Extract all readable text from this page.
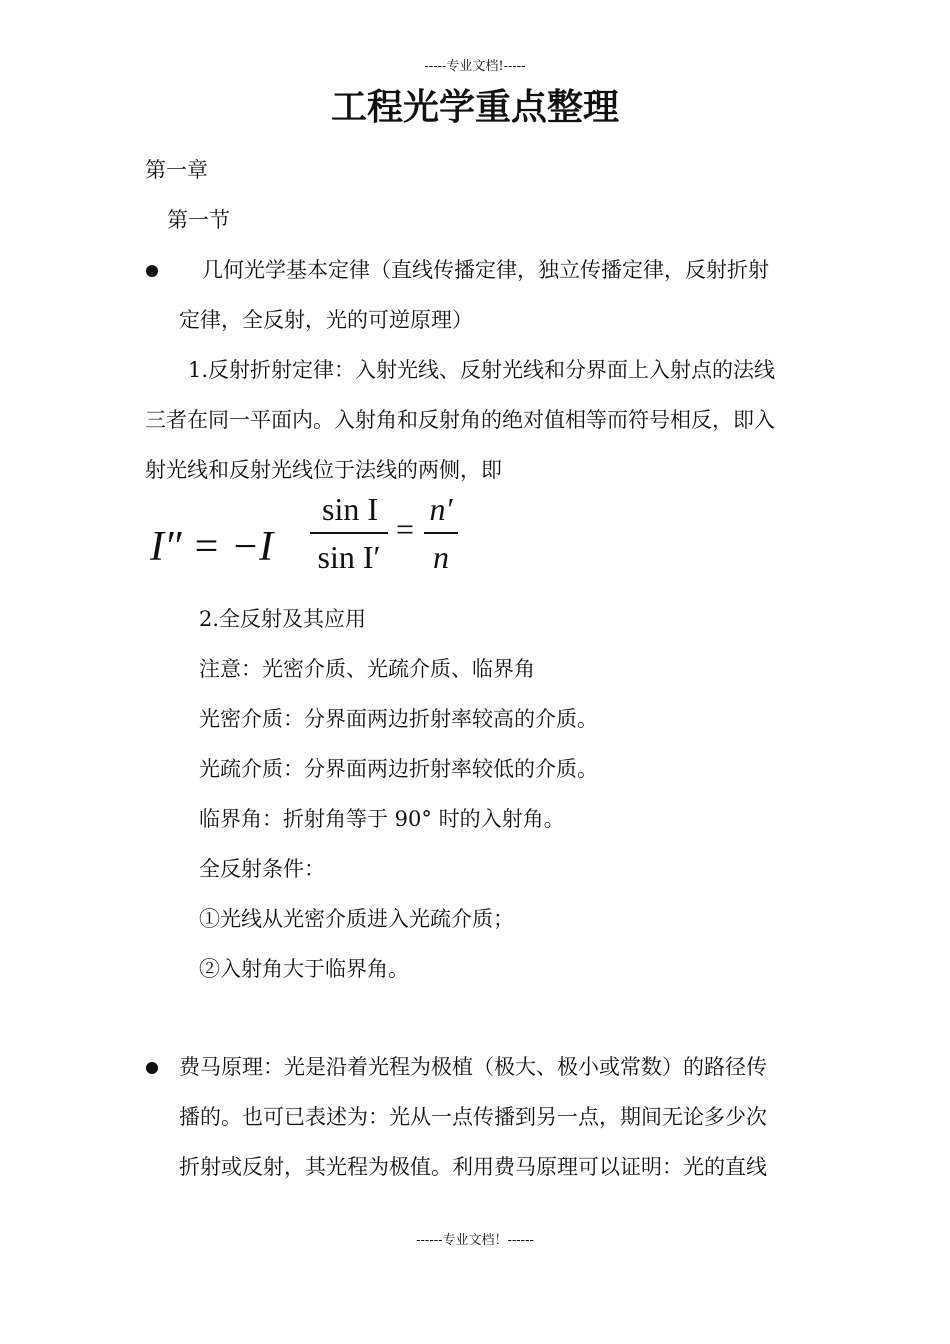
-----专业文档!-----
工程光学重点整理
第一章
第一节
几何光学基本定律（直线传播定律，独立传播定律，反射折射
定律，全反射，光的可逆原理）
1.反射折射定律：入射光线、反射光线和分界面上入射点的法线
三者在同一平面内。入射角和反射角的绝对值相等而符号相反，即入
射光线和反射光线位于法线的两侧，即
I″ = −I
sin I
sin I′
=
n′
n
2.全反射及其应用
注意：光密介质、光疏介质、临界角
光密介质：分界面两边折射率较高的介质。
光疏介质：分界面两边折射率较低的介质。
临界角：折射角等于 90° 时的入射角。
全反射条件：
①光线从光密介质进入光疏介质；
②入射角大于临界角。
费马原理：光是沿着光程为极植（极大、极小或常数）的路径传
播的。也可已表述为：光从一点传播到另一点，期间无论多少次
折射或反射，其光程为极值。利用费马原理可以证明：光的直线
------专业文档！------
